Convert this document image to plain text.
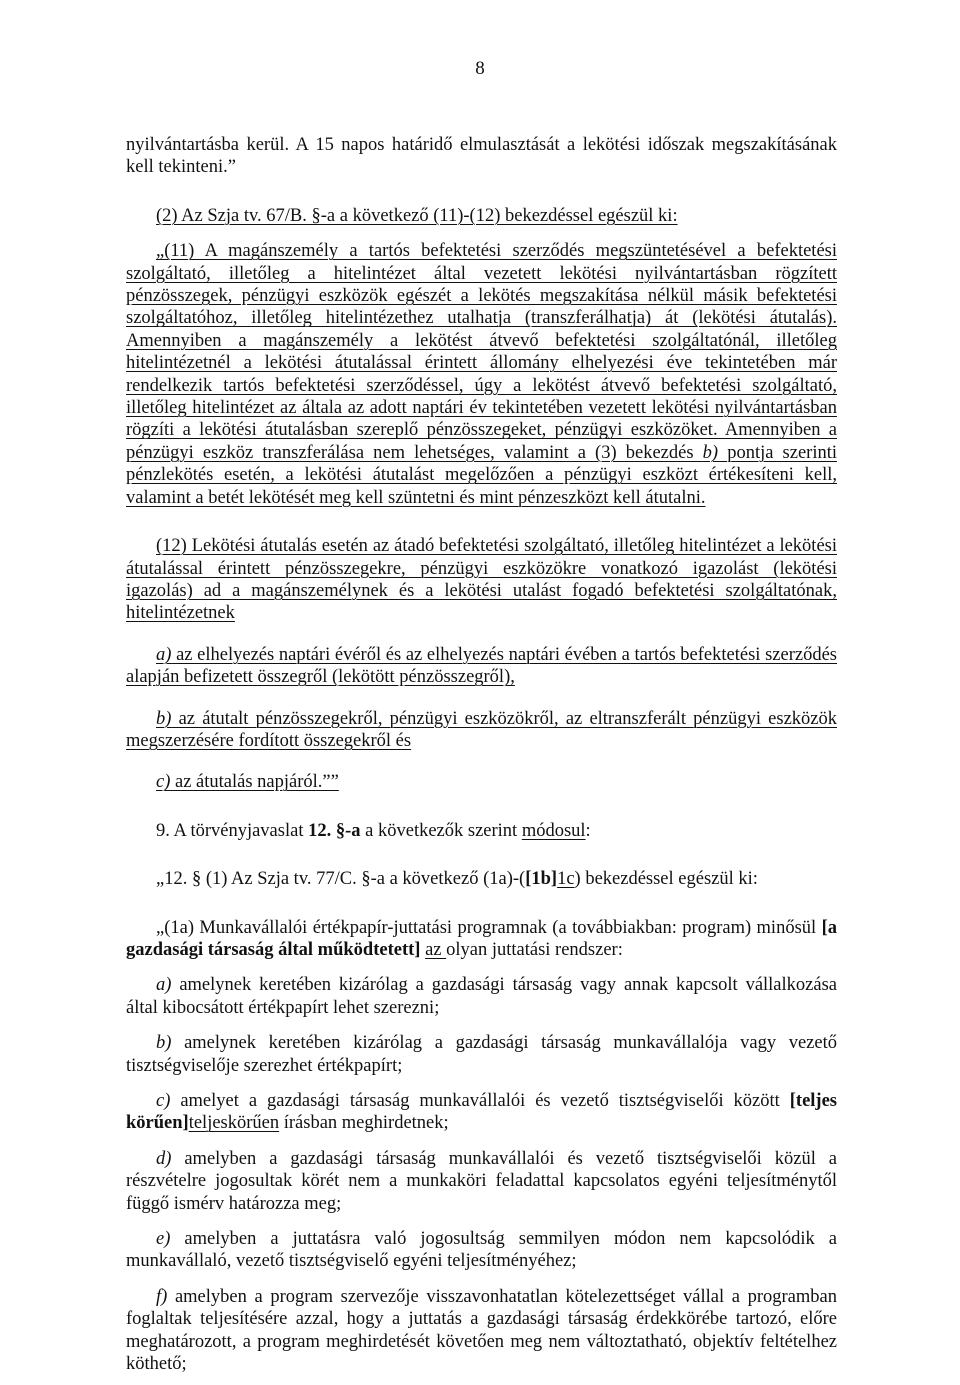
8

nyilvántartásba kerül. A 15 napos határidő elmulasztását a lekötési időszak megszakításának kell tekinteni.”

(2) Az Szja tv. 67/B. §-a a következő (11)-(12) bekezdéssel egészül ki:

„(11) A magánszemély a tartós befektetési szerződés megszüntetésével a befektetési szolgáltató, illetőleg a hitelintézet által vezetett lekötési nyilvántartásban rögzített pénzösszegek, pénzügyi eszközök egészét a lekötés megszakítása nélkül másik befektetési szolgáltatóhoz, illetőleg hitelintézethez utalhatja (transzferálhatja) át (lekötési átutalás). Amennyiben a magánszemély a lekötést átvevő befektetési szolgáltatónál, illetőleg hitelintézetnél a lekötési átutalással érintett állomány elhelyezési éve tekintetében már rendelkezik tartós befektetési szerződéssel, úgy a lekötést átvevő befektetési szolgáltató, illetőleg hitelintézet az általa az adott naptári év tekintetében vezetett lekötési nyilvántartásban rögzíti a lekötési átutalásban szereplő pénzösszegeket, pénzügyi eszközöket. Amennyiben a pénzügyi eszköz transzferálása nem lehetséges, valamint a (3) bekezdés b) pontja szerinti pénzlekötés esetén, a lekötési átutalást megelőzően a pénzügyi eszközt értékesíteni kell, valamint a betét lekötését meg kell szüntetni és mint pénzeszközt kell átutalni.

(12) Lekötési átutalás esetén az átadó befektetési szolgáltató, illetőleg hitelintézet a lekötési átutalással érintett pénzösszegekre, pénzügyi eszközökre vonatkozó igazolást (lekötési igazolás) ad a magánszemélynek és a lekötési utalást fogadó befektetési szolgáltatónak, hitelintézetnek

a) az elhelyezés naptári évéről és az elhelyezés naptári évében a tartós befektetési szerződés alapján befizetett összegről (lekötött pénzösszegről),

b) az átutalt pénzösszegekről, pénzügyi eszközökről, az eltranszferált pénzügyi eszközök megszerzésére fordított összegekről és

c) az átutalás napjáról.””

9. A törvényjavaslat 12. §-a a következők szerint módosul:

„12. § (1) Az Szja tv. 77/C. §-a a következő (1a)-([1b]1c) bekezdéssel egészül ki:

„(1a) Munkavállalói értékpapír-juttatási programnak (a továbbiakban: program) minősül [a gazdasági társaság által működtetett] az olyan juttatási rendszer:

a) amelynek keretében kizárólag a gazdasági társaság vagy annak kapcsolt vállalkozása által kibocsátott értékpapírt lehet szerezni;

b) amelynek keretében kizárólag a gazdasági társaság munkavállalója vagy vezető tisztségviselője szerezhet értékpapírt;

c) amelyet a gazdasági társaság munkavállalói és vezető tisztségviselői között [teljes körűen]teljeskörűen írásban meghirdetnek;

d) amelyben a gazdasági társaság munkavállalói és vezető tisztségviselői közül a részvételre jogosultak körét nem a munkaköri feladattal kapcsolatos egyéni teljesítménytől függő ismérv határozza meg;

e) amelyben a juttatásra való jogosultság semmilyen módon nem kapcsolódik a munkavállaló, vezető tisztségviselő egyéni teljesítményéhez;

f) amelyben a program szervezője visszavonhatatlan kötelezettséget vállal a programban foglaltak teljesítésére azzal, hogy a juttatás a gazdasági társaság érdekkörébe tartozó, előre meghatározott, a program meghirdetését követően meg nem változtatható, objektív feltételhez köthető;
